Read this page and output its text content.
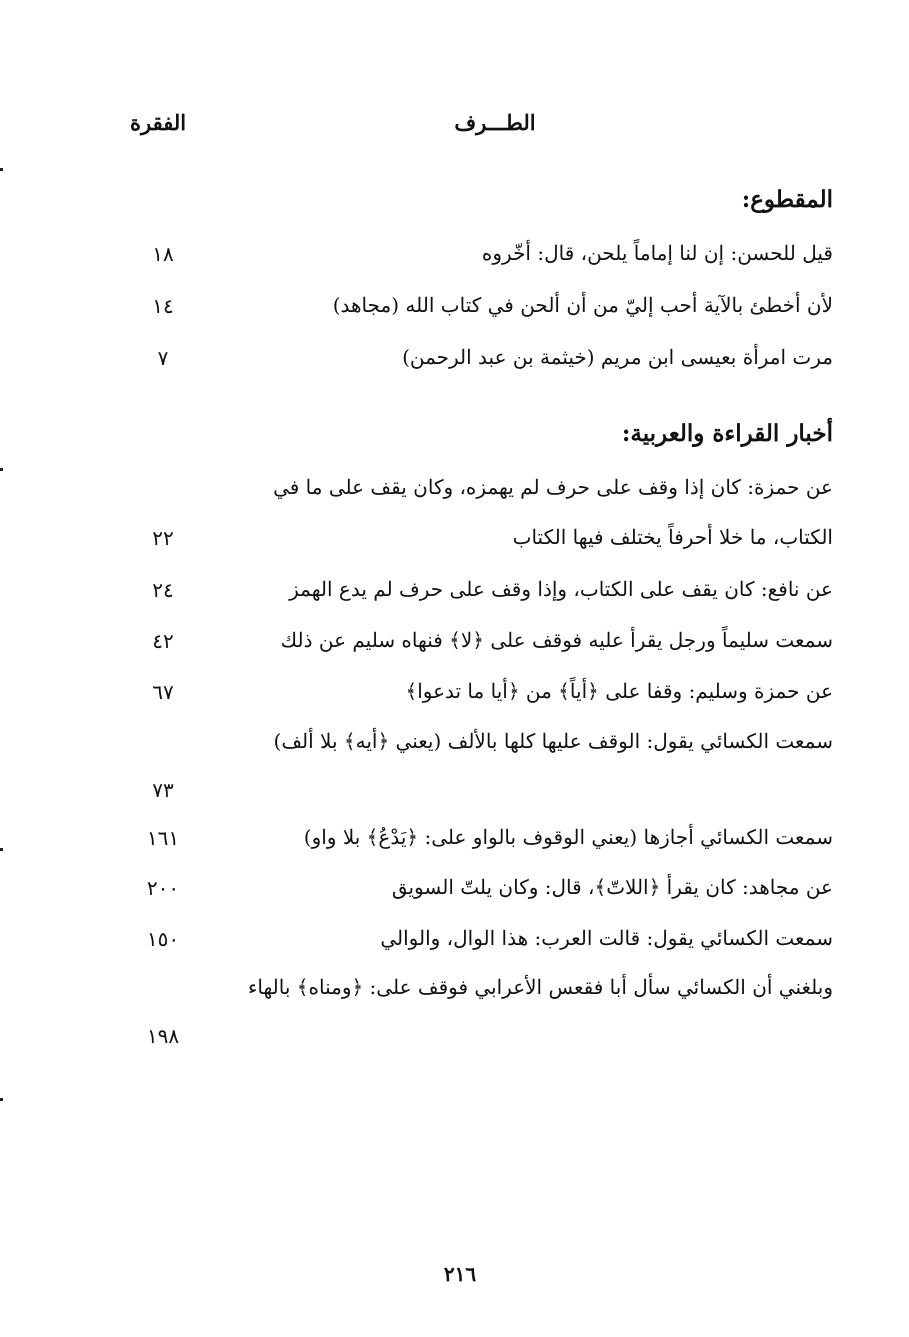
الفقرة	الطـــرف
المقطوع:
قيل للحسن: إن لنا إماماً يلحن، قال: أخّروه
١٨
لأن أخطئ بالآية أحب إليّ من أن ألحن في كتاب الله (مجاهد)
١٤
مرت امرأة بعيسى ابن مريم (خيثمة بن عبد الرحمن)
٧
أخبار القراءة والعربية:
عن حمزة: كان إذا وقف على حرف لم يهمزه، وكان يقف على ما في الكتاب، ما خلا أحرفاً يختلف فيها الكتاب
٢٢
عن نافع: كان يقف على الكتاب، وإذا وقف على حرف لم يدع الهمز
٢٤
سمعت سليماً ورجل يقرأ عليه فوقف على ﴿لا﴾ فنهاه سليم عن ذلك
٤٢
عن حمزة وسليم: وقفا على ﴿أياً﴾ من ﴿أيا ما تدعوا﴾
٦٧
سمعت الكسائي يقول: الوقف عليها كلها بالألف (يعني ﴿أيه﴾ بلا ألف)
٧٣
سمعت الكسائي أجازها (يعني الوقوف بالواو على: ﴿يَدْعُ﴾ بلا واو)
١٦١
عن مجاهد: كان يقرأ ﴿اللاتّ﴾، قال: وكان يلتّ السويق
٢٠٠
سمعت الكسائي يقول: قالت العرب: هذا الوال، والوالي
١٥٠
وبلغني أن الكسائي سأل أبا فقعس الأعرابي فوقف على: ﴿ومناه﴾ بالهاء
١٩٨
٢١٦
